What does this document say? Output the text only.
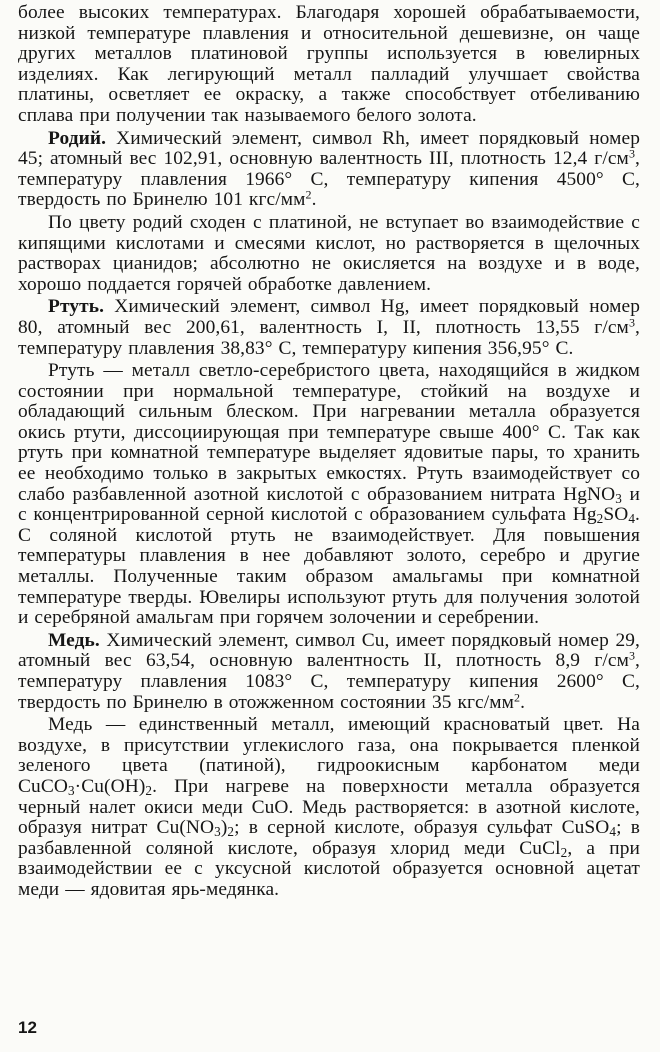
более высоких температурах. Благодаря хорошей обрабатываемости, низкой температуре плавления и относительной дешевизне, он чаще других металлов платиновой группы используется в ювелирных изделиях. Как легирующий металл палладий улучшает свойства платины, осветляет ее окраску, а также способствует отбеливанию сплава при получении так называемого белого золота.

Родий. Химический элемент, символ Rh, имеет порядковый номер 45; атомный вес 102,91, основную валентность III, плотность 12,4 $г/см^3$, температуру плавления 1966° С, температуру кипения 4500° С, твердость по Бринелю 101 кгс/$мм^2$.

По цвету родий сходен с платиной, не вступает во взаимодействие с кипящими кислотами и смесями кислот, но растворяется в щелочных растворах цианидов; абсолютно не окисляется на воздухе и в воде, хорошо поддается горячей обработке давлением.

Ртуть. Химический элемент, символ Hg, имеет порядковый номер 80, атомный вес 200,61, валентность I, II, плотность 13,55 $г/см^3$, температуру плавления 38,83° С, температуру кипения 356,95° С.

Ртуть — металл светло-серебристого цвета, находящийся в жидком состоянии при нормальной температуре, стойкий на воздухе и обладающий сильным блеском. При нагревании металла образуется окись ртути, диссоциирующая при температуре свыше 400° С. Так как ртуть при комнатной температуре выделяет ядовитые пары, то хранить ее необходимо только в закрытых емкостях. Ртуть взаимодействует со слабо разбавленной азотной кислотой с образованием нитрата HgNO$_3$ и с концентрированной серной кислотой с образованием сульфата $Hg_2SO_4$. С соляной кислотой ртуть не взаимодействует. Для повышения температуры плавления в нее добавляют золото, серебро и другие металлы. Полученные таким образом амальгамы при комнатной температуре тверды. Ювелиры используют ртуть для получения золотой и серебряной амальгам при горячем золочении и серебрении.

Медь. Химический элемент, символ Cu, имеет порядковый номер 29, атомный вес 63,54, основную валентность II, плотность 8,9 $г/см^3$, температуру плавления 1083° С, температуру кипения 2600° С, твердость по Бринелю в отожженном состоянии 35 кгс/$мм^2$.

Медь — единственный металл, имеющий красноватый цвет. На воздухе, в присутствии углекислого газа, она покрывается пленкой зеленого цвета (патиной), гидроокисным карбонатом меди $CuCO_3\cdot Cu(OH)_2$. При нагреве на поверхности металла образуется черный налет окиси меди CuO. Медь растворяется: в азотной кислоте, образуя нитрат $Cu(NO_3)_2$; в серной кислоте, образуя сульфат CuSO$_4$; в разбавленной соляной кислоте, образуя хлорид меди CuCl$_2$, а при взаимодействии ее с уксусной кислотой образуется основной ацетат меди — ядовитая ярь-медянка.

12
